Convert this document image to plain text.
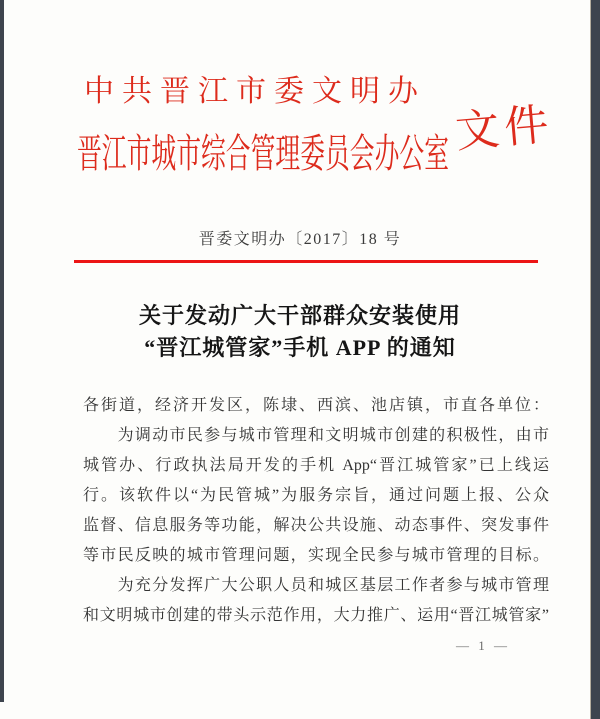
中共晋江市委文明办
晋江市城市综合管理委员会办公室 文件
晋委文明办〔2017〕18 号
关于发动广大干部群众安装使用
“晋江城管家”手机 APP 的通知
各街道，经济开发区，陈埭、西滨、池店镇，市直各单位：
　　为调动市民参与城市管理和文明城市创建的积极性，由市
城管办、行政执法局开发的手机 App“晋江城管家”已上线运
行。该软件以“为民管城”为服务宗旨，通过问题上报、公众
监督、信息服务等功能，解决公共设施、动态事件、突发事件
等市民反映的城市管理问题，实现全民参与城市管理的目标。
　　为充分发挥广大公职人员和城区基层工作者参与城市管理
和文明城市创建的带头示范作用，大力推广、运用“晋江城管家”
— 1 —
